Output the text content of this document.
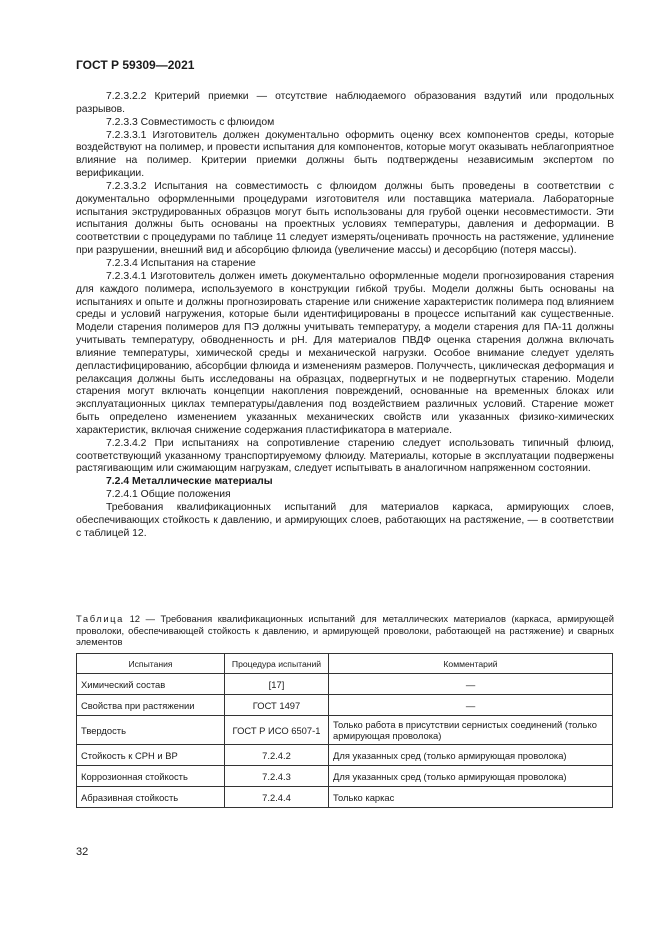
ГОСТ Р 59309—2021

7.2.3.2.2 Критерий приемки — отсутствие наблюдаемого образования вздутий или продольных разрывов.

7.2.3.3 Совместимость с флюидом

7.2.3.3.1 Изготовитель должен документально оформить оценку всех компонентов среды, которые воздействуют на полимер, и провести испытания для компонентов, которые могут оказывать неблагоприятное влияние на полимер. Критерии приемки должны быть подтверждены независимым экспертом по верификации.

7.2.3.3.2 Испытания на совместимость с флюидом должны быть проведены в соответствии с документально оформленными процедурами изготовителя или поставщика материала. Лабораторные испытания экструдированных образцов могут быть использованы для грубой оценки несовместимости. Эти испытания должны быть основаны на проектных условиях температуры, давления и деформации. В соответствии с процедурами по таблице 11 следует измерять/оценивать прочность на растяжение, удлинение при разрушении, внешний вид и абсорбцию флюида (увеличение массы) и десорбцию (потеря массы).

7.2.3.4 Испытания на старение

7.2.3.4.1 Изготовитель должен иметь документально оформленные модели прогнозирования старения для каждого полимера, используемого в конструкции гибкой трубы. Модели должны быть основаны на испытаниях и опыте и должны прогнозировать старение или снижение характеристик полимера под влиянием среды и условий нагружения, которые были идентифицированы в процессе испытаний как существенные. Модели старения полимеров для ПЭ должны учитывать температуру, а модели старения для ПА-11 должны учитывать температуру, обводненность и pH. Для материалов ПВДФ оценка старения должна включать влияние температуры, химической среды и механической нагрузки. Особое внимание следует уделять депластифицированию, абсорбции флюида и изменениям размеров. Получчесть, циклическая деформация и релаксация должны быть исследованы на образцах, подвергнутых и не подвергнутых старению. Модели старения могут включать концепции накопления повреждений, основанные на временных блоках или эксплуатационных циклах температуры/давления под воздействием различных условий. Старение может быть определено изменением указанных механических свойств или указанных физико-химических характеристик, включая снижение содержания пластификатора в материале.

7.2.3.4.2 При испытаниях на сопротивление старению следует использовать типичный флюид, соответствующий указанному транспортируемому флюиду. Материалы, которые в эксплуатации подвержены растягивающим или сжимающим нагрузкам, следует испытывать в аналогичном напряженном состоянии.

7.2.4 Металлические материалы

7.2.4.1 Общие положения

Требования квалификационных испытаний для материалов каркаса, армирующих слоев, обеспечивающих стойкость к давлению, и армирующих слоев, работающих на растяжение, — в соответствии с таблицей 12.

Таблица 12 — Требования квалификационных испытаний для металлических материалов (каркаса, армирующей проволоки, обеспечивающей стойкость к давлению, и армирующей проволоки, работающей на растяжение) и сварных элементов
Испытания	Процедура испытаний	Комментарий
Химический состав	[17]	—
Свойства при растяжении	ГОСТ 1497	—
Твердость	ГОСТ Р ИСО 6507-1	Только работа в присутствии сернистых соединений (только армирующая проволока)
Стойкость к СРН и ВР	7.2.4.2	Для указанных сред (только армирующая проволока)
Коррозионная стойкость	7.2.4.3	Для указанных сред (только армирующая проволока)
Абразивная стойкость	7.2.4.4	Только каркас
32
